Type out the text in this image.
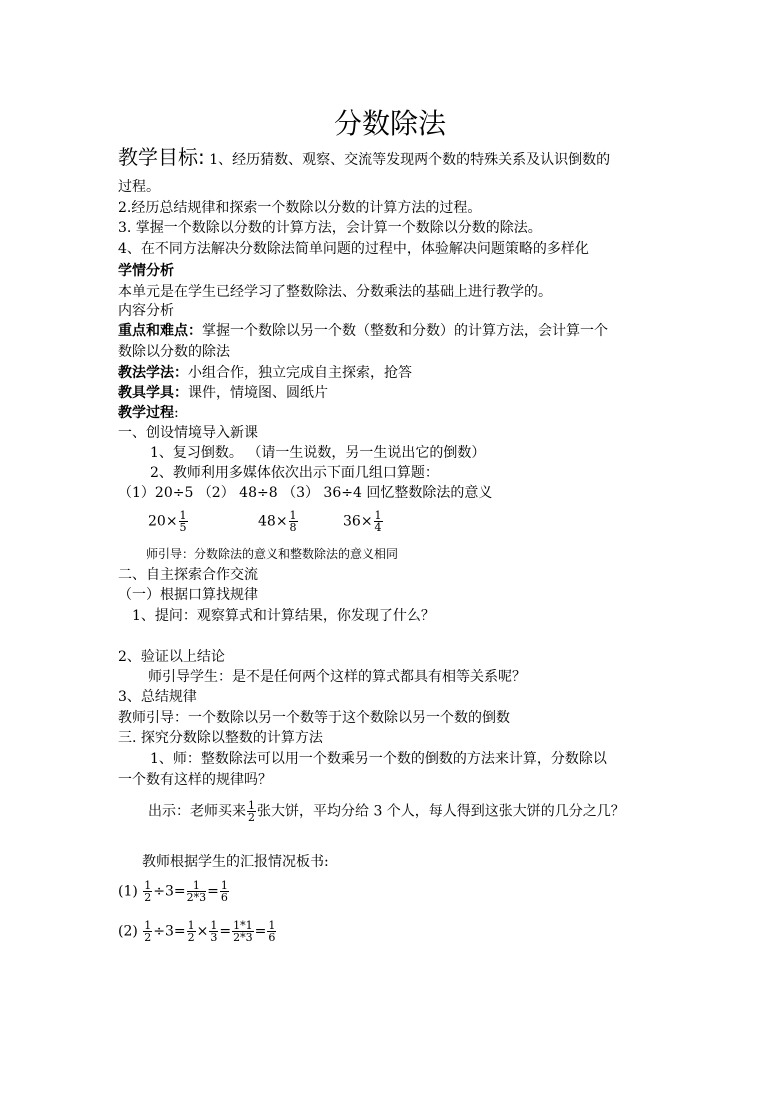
分数除法
教学目标: 1、经历猜数、观察、交流等发现两个数的特殊关系及认识倒数的
过程。
2.经历总结规律和探索一个数除以分数的计算方法的过程。
3. 掌握一个数除以分数的计算方法，会计算一个数除以分数的除法。
4、在不同方法解决分数除法简单问题的过程中，体验解决问题策略的多样化
学情分析
本单元是在学生已经学习了整数除法、分数乘法的基础上进行教学的。
内容分析
重点和难点：掌握一个数除以另一个数（整数和分数）的计算方法，会计算一个
数除以分数的除法
教法学法：小组合作，独立完成自主探索，抢答
教具学具：课件，情境图、圆纸片
教学过程:
一、创设情境导入新课
1、复习倒数。 （请一生说数，另一生说出它的倒数）
2、教师利用多媒体依次出示下面几组口算题：
（1）20÷5 （2） 48÷8 （3） 36÷4 回忆整数除法的意义
$20\times \frac{1}{5}$	$48\times \frac{1}{8}$	$36\times \frac{1}{4}$
师引导：分数除法的意义和整数除法的意义相同
二、自主探索合作交流
（一）根据口算找规律
1、提问：观察算式和计算结果，你发现了什么？
2、验证以上结论
师引导学生：是不是任何两个这样的算式都具有相等关系呢？
3、总结规律
教师引导：一个数除以另一个数等于这个数除以另一个数的倒数
三. 探究分数除以整数的计算方法
1、师：整数除法可以用一个数乘另一个数的倒数的方法来计算，分数除以
一个数有这样的规律吗？
出示：老师买来 $\frac{1}{2}$ 张大饼，平均分给 3 个人，每人得到这张大饼的几分之几？
教师根据学生的汇报情况板书:
$(1) \frac{1}{2} \div 3= \frac{1}{2*3} = \frac{1}{6}$
$(2) \frac{1}{2} \div 3= \frac{1}{2} \times \frac{1}{3} = \frac{1*1}{2*3} = \frac{1}{6}$
